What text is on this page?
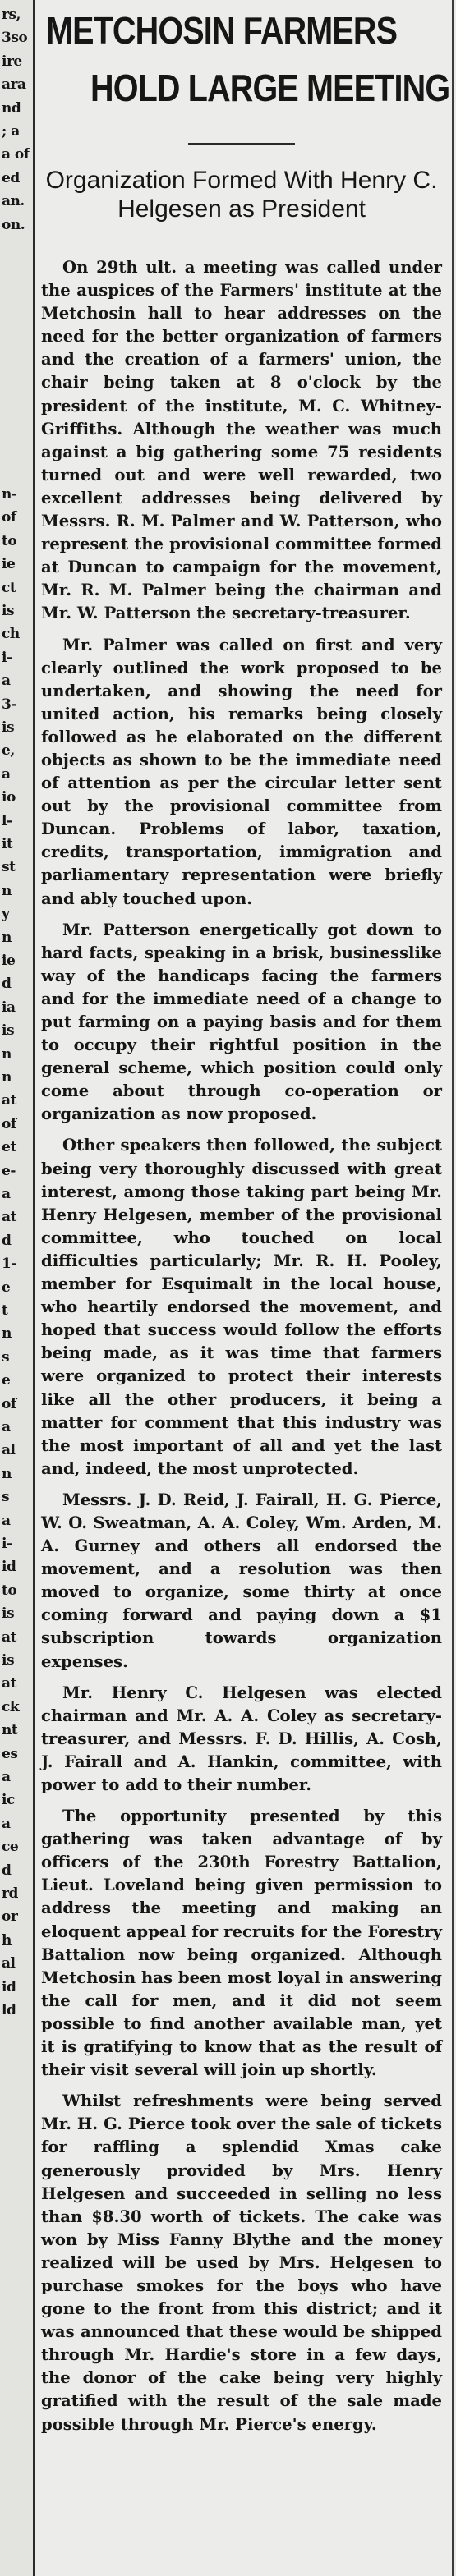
rs,
3so
ire
ara
nd
; a
a of
ed
an.
on.
n-
of
to
ie
ct
is
ch
i-
a
3-
is
e,
a
io
l-
it
st
n
y
n
ie
d
ia
is
n
n
at
of
et
e-
a
at
d
1-
e
t
n
s
e
of
a
al
n
s
a
i-
id
to
is
at
is
at
ck
nt
es
a
ic
a
ce
d
rd
or
h
al
id
ld
METCHOSIN FARMERS
HOLD LARGE MEETING
Organization Formed With Henry C. Helgesen as President

On 29th ult. a meeting was called under the auspices of the Farmers' institute at the Metchosin hall to hear addresses on the need for the better organization of farmers and the creation of a farmers' union, the chair being taken at 8 o'clock by the president of the institute, M. C. Whitney-Griffiths. Although the weather was much against a big gathering some 75 residents turned out and were well rewarded, two excellent addresses being delivered by Messrs. R. M. Palmer and W. Patterson, who represent the provisional committee formed at Duncan to campaign for the movement, Mr. R. M. Palmer being the chairman and Mr. W. Patterson the secretary-treasurer.

Mr. Palmer was called on first and very clearly outlined the work proposed to be undertaken, and showing the need for united action, his remarks being closely followed as he elaborated on the different objects as shown to be the immediate need of attention as per the circular letter sent out by the provisional committee from Duncan. Problems of labor, taxation, credits, transportation, immigration and parliamentary representation were briefly and ably touched upon.

Mr. Patterson energetically got down to hard facts, speaking in a brisk, businesslike way of the handicaps facing the farmers and for the immediate need of a change to put farming on a paying basis and for them to occupy their rightful position in the general scheme, which position could only come about through co-operation or organization as now proposed.

Other speakers then followed, the subject being very thoroughly discussed with great interest, among those taking part being Mr. Henry Helgesen, member of the provisional committee, who touched on local difficulties particularly; Mr. R. H. Pooley, member for Esquimalt in the local house, who heartily endorsed the movement, and hoped that success would follow the efforts being made, as it was time that farmers were organized to protect their interests like all the other producers, it being a matter for comment that this industry was the most important of all and yet the last and, indeed, the most unprotected.

Messrs. J. D. Reid, J. Fairall, H. G. Pierce, W. O. Sweatman, A. A. Coley, Wm. Arden, M. A. Gurney and others all endorsed the movement, and a resolution was then moved to organize, some thirty at once coming forward and paying down a $1 subscription towards organization expenses.

Mr. Henry C. Helgesen was elected chairman and Mr. A. A. Coley as secretary-treasurer, and Messrs. F. D. Hillis, A. Cosh, J. Fairall and A. Hankin, committee, with power to add to their number.

The opportunity presented by this gathering was taken advantage of by officers of the 230th Forestry Battalion, Lieut. Loveland being given permission to address the meeting and making an eloquent appeal for recruits for the Forestry Battalion now being organized. Although Metchosin has been most loyal in answering the call for men, and it did not seem possible to find another available man, yet it is gratifying to know that as the result of their visit several will join up shortly.

Whilst refreshments were being served Mr. H. G. Pierce took over the sale of tickets for raffling a splendid Xmas cake generously provided by Mrs. Henry Helgesen and succeeded in selling no less than $8.30 worth of tickets. The cake was won by Miss Fanny Blythe and the money realized will be used by Mrs. Helgesen to purchase smokes for the boys who have gone to the front from this district; and it was announced that these would be shipped through Mr. Hardie's store in a few days, the donor of the cake being very highly gratified with the result of the sale made possible through Mr. Pierce's energy.
